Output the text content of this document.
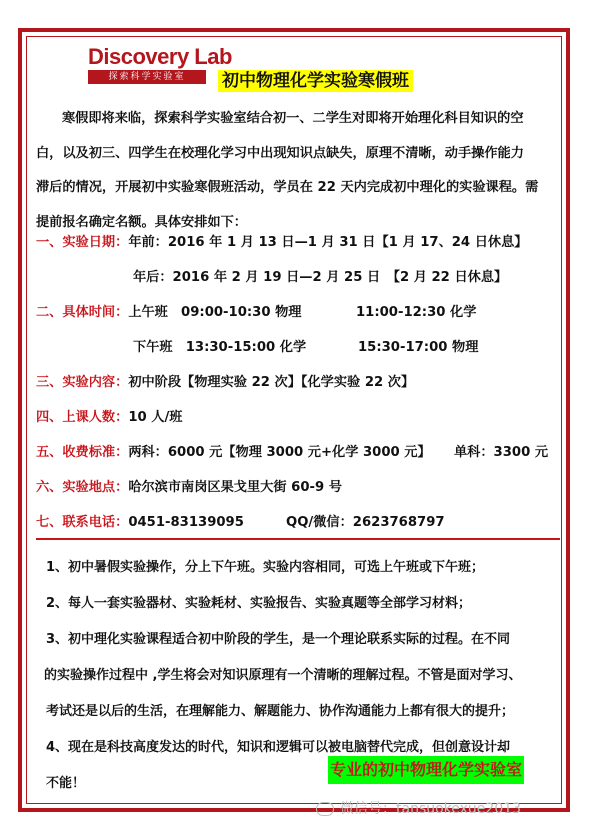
Discovery Lab
探索科学实验室	初中物理化学实验寒假班

寒假即将来临，探索科学实验室结合初一、二学生对即将开始理化科目知识的空

白，以及初三、四学生在校理化学习中出现知识点缺失，原理不清晰，动手操作能力

滞后的情况，开展初中实验寒假班活动，学员在 22 天内完成初中理化的实验课程。需

提前报名确定名额。具体安排如下：

一、实验日期：年前：2016 年 1 月 13 日—1 月 31 日【1 月 17、24 日休息】
年后：2016 年 2 月 19 日—2 月 25 日　【2 月 22 日休息】
二、具体时间：上午班　09:00-10:30 物理	11:00-12:30 化学
下午班　13:30-15:00 化学	15:30-17:00 物理
三、实验内容：初中阶段【物理实验 22 次】【化学实验 22 次】
四、上课人数：10 人/班
五、收费标准：两科：6000 元【物理 3000 元+化学 3000 元】 单科：3300 元
六、实验地点：哈尔滨市南岗区果戈里大街 60-9 号
七、联系电话：0451-83139095	QQ/微信：2623768797

1、初中暑假实验操作，分上下午班。实验内容相同，可选上午班或下午班；

2、每人一套实验器材、实验耗材、实验报告、实验真题等全部学习材料；

3、初中理化实验课程适合初中阶段的学生，是一个理论联系实际的过程。在不同

的实验操作过程中 ,学生将会对知识原理有一个清晰的理解过程。不管是面对学习、

考试还是以后的生活，在理解能力、解题能力、协作沟通能力上都有很大的提升；

4、现在是科技高度发达的时代，知识和逻辑可以被电脑替代完成，但创意设计却

不能！

专业的初中物理化学实验室
微信号：tansuokexue2013
